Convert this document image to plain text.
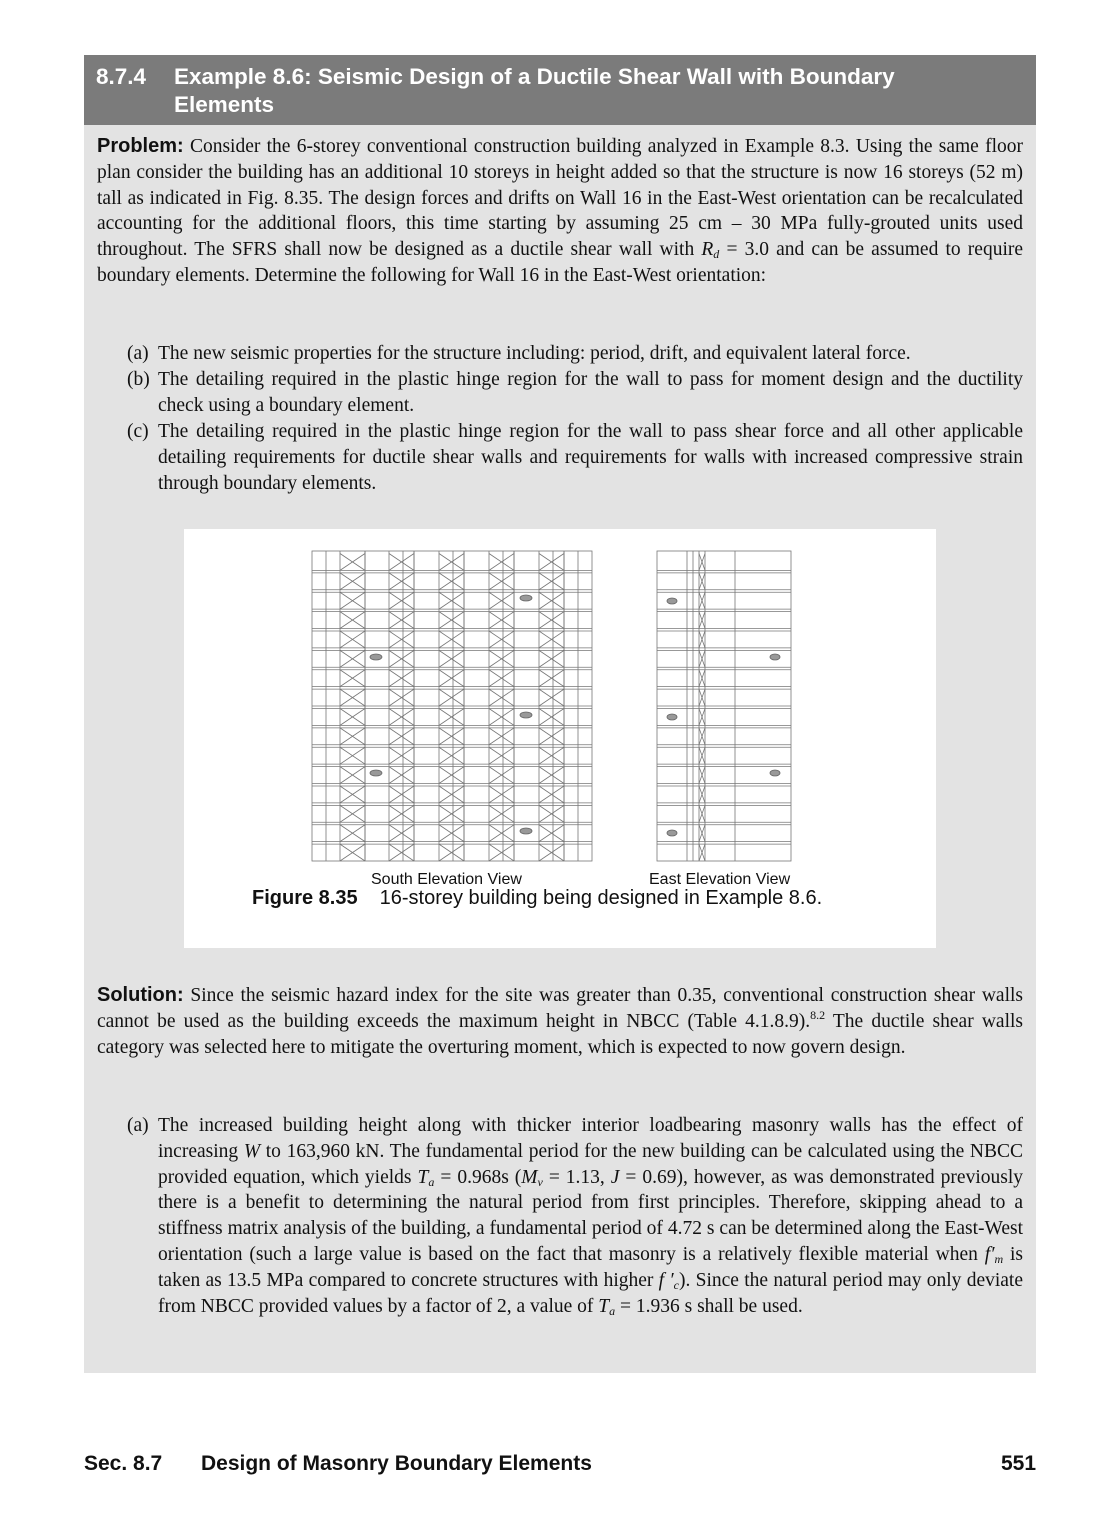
8.7.4 Example 8.6: Seismic Design of a Ductile Shear Wall with Boundary
Elements
Problem: Consider the 6-storey conventional construction building analyzed in Example 8.3. Using the same floor plan consider the building has an additional 10 storeys in height added so that the structure is now 16 storeys (52 m) tall as indicated in Fig. 8.35. The design forces and drifts on Wall 16 in the East-West orientation can be recalculated accounting for the additional floors, this time starting by assuming 25 cm – 30 MPa fully-grouted units used throughout. The SFRS shall now be designed as a ductile shear wall with $R_d = 3.0$ and can be assumed to require boundary elements. Determine the following for Wall 16 in the East-West orientation:
(a) The new seismic properties for the structure including: period, drift, and equivalent lateral force.
(b) The detailing required in the plastic hinge region for the wall to pass for moment design and the ductility check using a boundary element.
(c) The detailing required in the plastic hinge region for the wall to pass shear force and all other applicable detailing requirements for ductile shear walls and requirements for walls with increased compressive strain through boundary elements.
South Elevation View	East Elevation View
Figure 8.35 16-storey building being designed in Example 8.6.
Solution: Since the seismic hazard index for the site was greater than 0.35, conventional construction shear walls cannot be used as the building exceeds the maximum height in NBCC (Table 4.1.8.9).$^{8.2}$ The ductile shear walls category was selected here to mitigate the overturing moment, which is expected to now govern design.
(a) The increased building height along with thicker interior loadbearing masonry walls has the effect of increasing W to 163,960 kN. The fundamental period for the new building can be calculated using the NBCC provided equation, which yields $T_a = 0.968s$ ($M_v = 1.13$, J = 0.69), however, as was demonstrated previously there is a benefit to determining the natural period from first principles. Therefore, skipping ahead to a stiffness matrix analysis of the building, a fundamental period of 4.72 s can be determined along the East-West orientation (such a large value is based on the fact that masonry is a relatively flexible material when $f'_m$ is taken as 13.5 MPa compared to concrete structures with higher f $'_c$). Since the natural period may only deviate from NBCC provided values by a factor of 2, a value of $T_a = 1.936$ s shall be used.
Sec. 8.7 Design of Masonry Boundary Elements	551
